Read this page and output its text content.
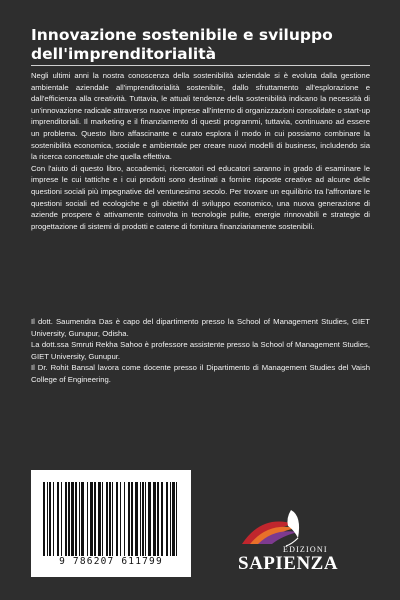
Innovazione sostenibile e sviluppo dell'imprenditorialità

Negli ultimi anni la nostra conoscenza della sostenibilità aziendale si è evoluta dalla gestione ambientale aziendale all'imprenditorialità sostenibile, dallo sfruttamento all'esplorazione e dall'efficienza alla creatività. Tuttavia, le attuali tendenze della sostenibilità indicano la necessità di un'innovazione radicale attraverso nuove imprese all'interno di organizzazioni consolidate o start-up imprenditoriali. Il marketing e il finanziamento di questi programmi, tuttavia, continuano ad essere un problema. Questo libro affascinante e curato esplora il modo in cui possiamo combinare la sostenibilità economica, sociale e ambientale per creare nuovi modelli di business, includendo sia la ricerca concettuale che quella effettiva.

Con l'aiuto di questo libro, accademici, ricercatori ed educatori saranno in grado di esaminare le imprese le cui tattiche e i cui prodotti sono destinati a fornire risposte creative ad alcune delle questioni sociali più impegnative del ventunesimo secolo. Per trovare un equilibrio tra l'affrontare le questioni sociali ed ecologiche e gli obiettivi di sviluppo economico, una nuova generazione di aziende prospere è attivamente coinvolta in tecnologie pulite, energie rinnovabili e strategie di progettazione di sistemi di prodotti e catene di fornitura finanziariamente sostenibili.

Il dott. Saumendra Das è capo del dipartimento presso la School of Management Studies, GIET University, Gunupur, Odisha.

La dott.ssa Smruti Rekha Sahoo è professore assistente presso la School of Management Studies, GIET University, Gunupur.

Il Dr. Rohit Bansal lavora come docente presso il Dipartimento di Management Studies del Vaish College of Engineering.

9 786207 611799
EDIZIONI
SAPIENZA
